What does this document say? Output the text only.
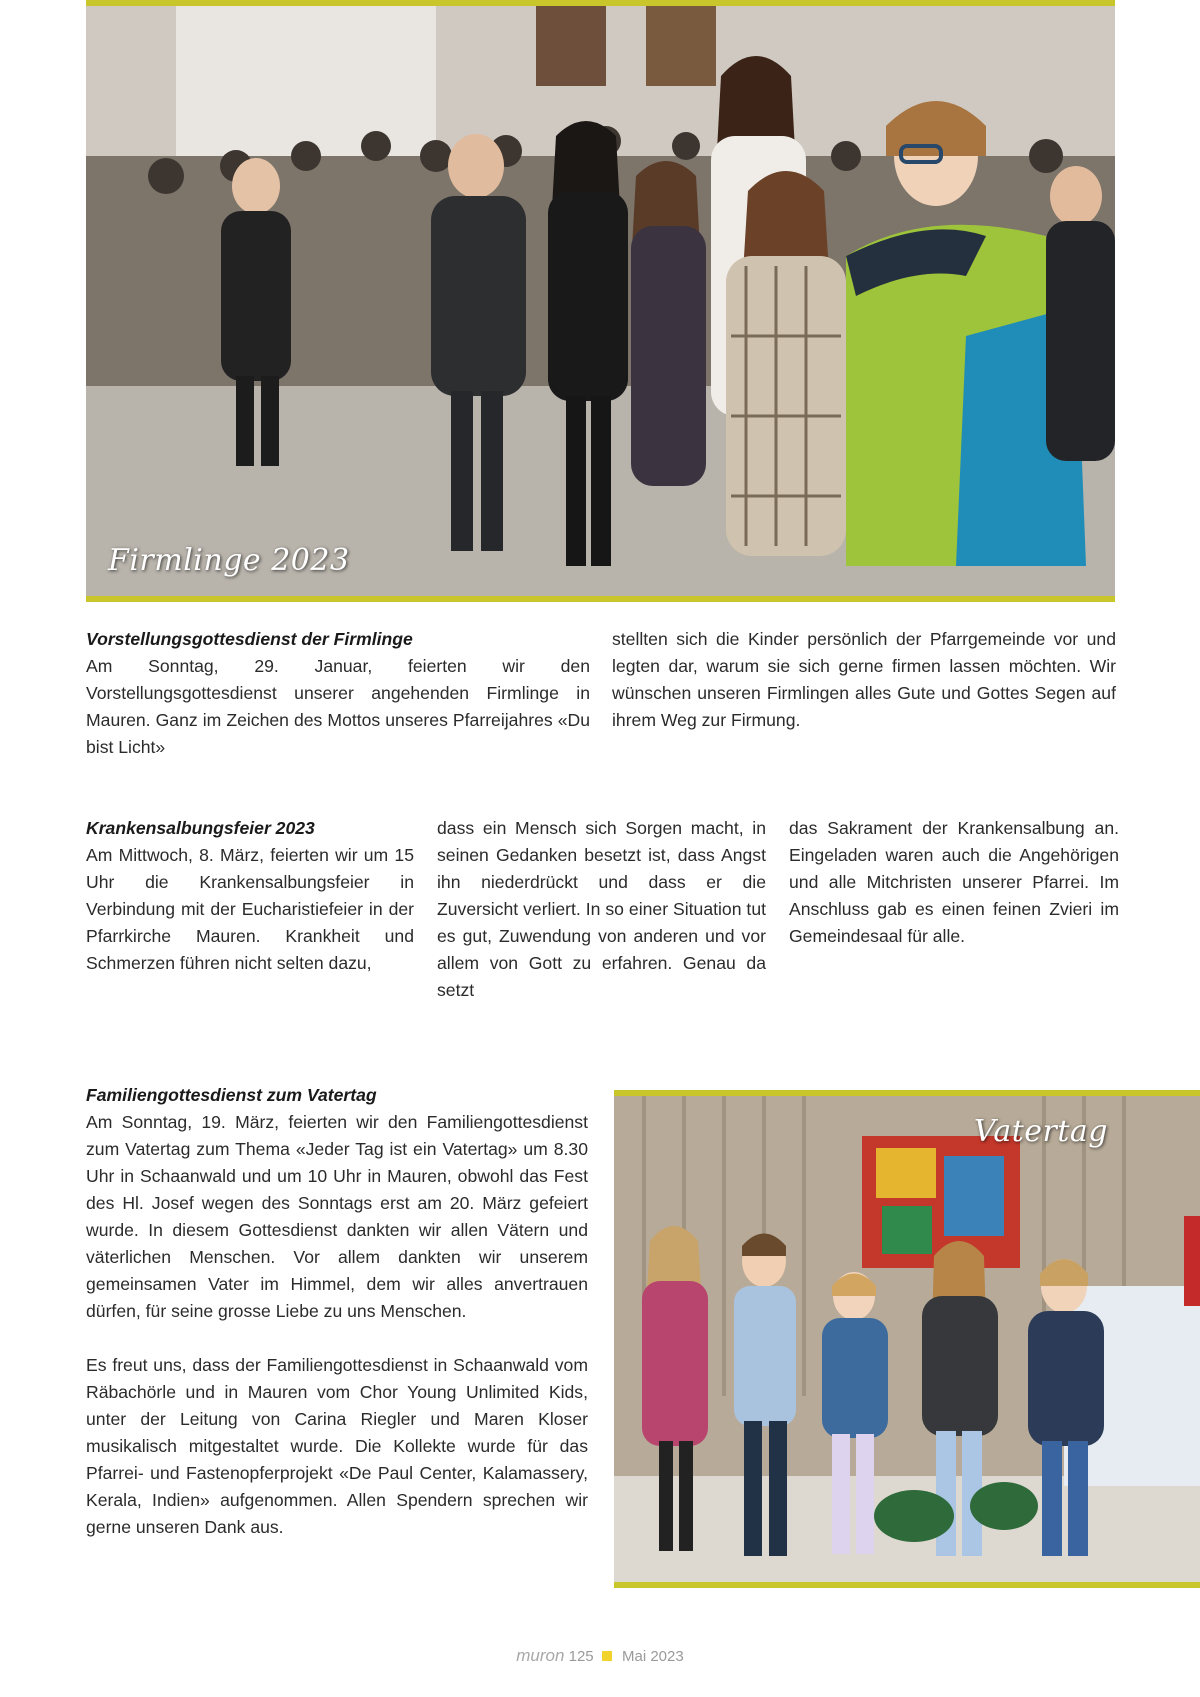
Firmlinge 2023
Vorstellungsgottesdienst der Firmlinge

Am Sonntag, 29. Januar, feierten wir den Vorstellungsgottesdienst unserer angehenden Firmlinge in Mauren. Ganz im Zeichen des Mottos unseres Pfarreijahres «Du bist Licht»

stellten sich die Kinder persönlich der Pfarrgemeinde vor und legten dar, warum sie sich gerne firmen lassen möchten. Wir wünschen unseren Firmlingen alles Gute und Gottes Segen auf ihrem Weg zur Firmung.

Krankensalbungsfeier 2023

Am Mittwoch, 8. März, feierten wir um 15 Uhr die Krankensalbungsfeier in Verbindung mit der Eucharistiefeier in der Pfarrkirche Mauren. Krankheit und Schmerzen führen nicht selten dazu,

dass ein Mensch sich Sorgen macht, in seinen Gedanken besetzt ist, dass Angst ihn niederdrückt und dass er die Zuversicht verliert. In so einer Situation tut es gut, Zuwendung von anderen und vor allem von Gott zu erfahren. Genau da setzt

das Sakrament der Krankensalbung an. Eingeladen waren auch die Angehörigen und alle Mitchristen unserer Pfarrei. Im Anschluss gab es einen feinen Zvieri im Gemeindesaal für alle.

Familiengottesdienst zum Vatertag

Am Sonntag, 19. März, feierten wir den Familiengottesdienst zum Vatertag zum Thema «Jeder Tag ist ein Vatertag» um 8.30 Uhr in Schaanwald und um 10 Uhr in Mauren, obwohl das Fest des Hl. Josef wegen des Sonntags erst am 20. März gefeiert wurde. In diesem Gottesdienst dankten wir allen Vätern und väterlichen Menschen. Vor allem dankten wir unserem gemeinsamen Vater im Himmel, dem wir alles anvertrauen dürfen, für seine grosse Liebe zu uns Menschen.

Es freut uns, dass der Familiengottesdienst in Schaanwald vom Räbachörle und in Mauren vom Chor Young Unlimited Kids, unter der Leitung von Carina Riegler und Maren Kloser musikalisch mitgestaltet wurde. Die Kollekte wurde für das Pfarrei- und Fastenopferprojekt «De Paul Center, Kalamassery, Kerala, Indien» aufgenommen. Allen Spendern sprechen wir gerne unseren Dank aus.

Vatertag
muron 125 Mai 2023
